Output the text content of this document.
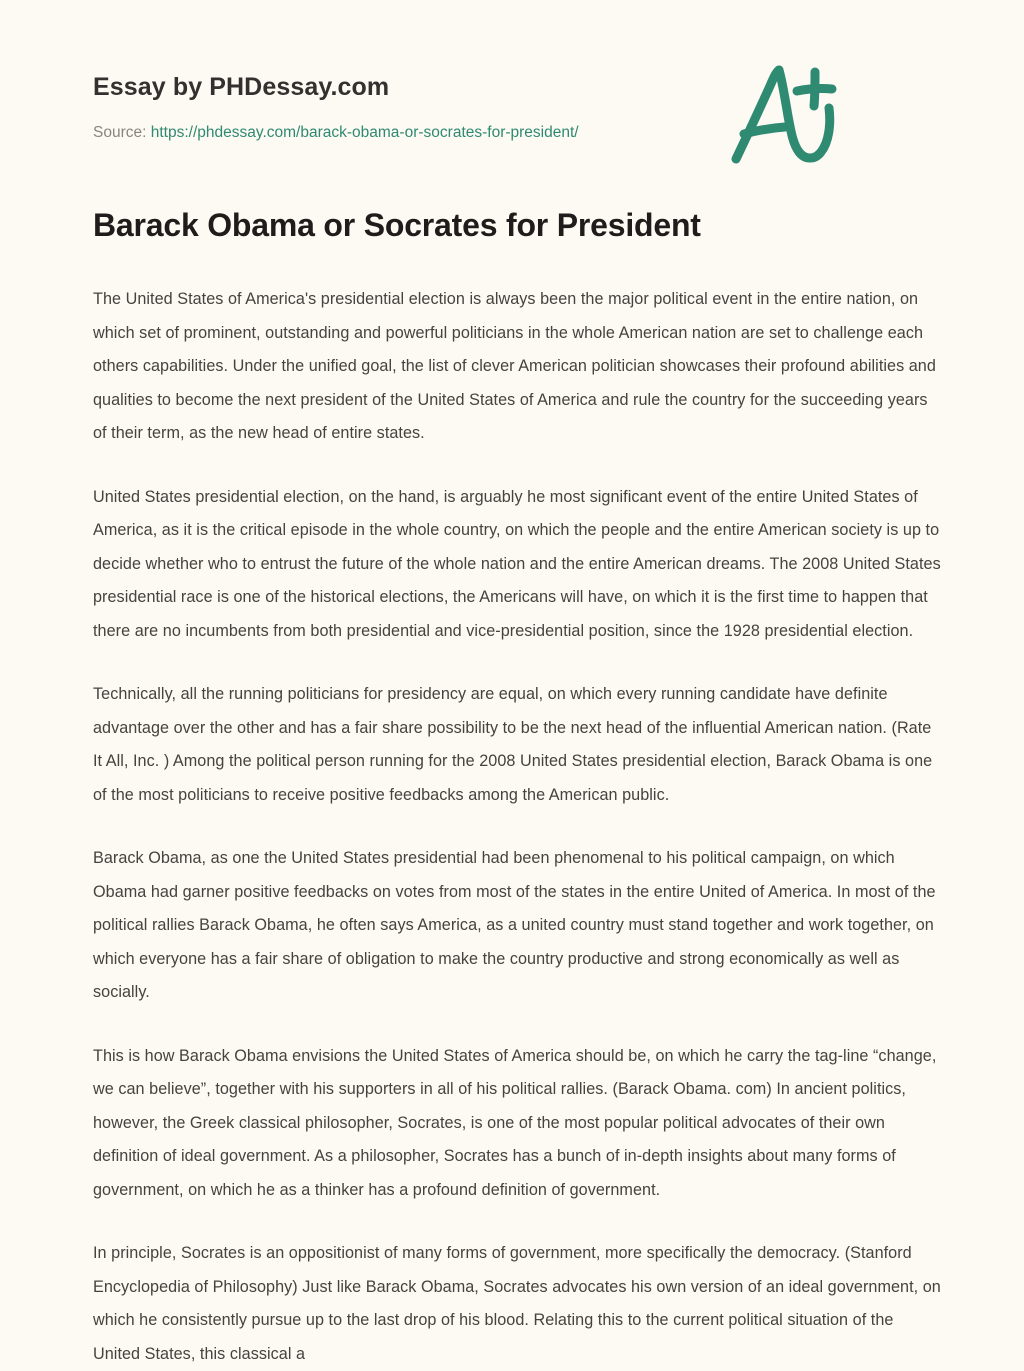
Essay by PHDessay.com
Source: https://phdessay.com/barack-obama-or-socrates-for-president/
Barack Obama or Socrates for President

The United States of America's presidential election is always been the major political event in the entire nation, on which set of prominent, outstanding and powerful politicians in the whole American nation are set to challenge each others capabilities. Under the unified goal, the list of clever American politician showcases their profound abilities and qualities to become the next president of the United States of America and rule the country for the succeeding years of their term, as the new head of entire states.

United States presidential election, on the hand, is arguably he most significant event of the entire United States of America, as it is the critical episode in the whole country, on which the people and the entire American society is up to decide whether who to entrust the future of the whole nation and the entire American dreams. The 2008 United States presidential race is one of the historical elections, the Americans will have, on which it is the first time to happen that there are no incumbents from both presidential and vice-presidential position, since the 1928 presidential election.

Technically, all the running politicians for presidency are equal, on which every running candidate have definite advantage over the other and has a fair share possibility to be the next head of the influential American nation. (Rate It All, Inc. ) Among the political person running for the 2008 United States presidential election, Barack Obama is one of the most politicians to receive positive feedbacks among the American public.

Barack Obama, as one the United States presidential had been phenomenal to his political campaign, on which Obama had garner positive feedbacks on votes from most of the states in the entire United of America. In most of the political rallies Barack Obama, he often says America, as a united country must stand together and work together, on which everyone has a fair share of obligation to make the country productive and strong economically as well as socially.

This is how Barack Obama envisions the United States of America should be, on which he carry the tag-line “change, we can believe”, together with his supporters in all of his political rallies. (Barack Obama. com) In ancient politics, however, the Greek classical philosopher, Socrates, is one of the most popular political advocates of their own definition of ideal government. As a philosopher, Socrates has a bunch of in-depth insights about many forms of government, on which he as a thinker has a profound definition of government.

In principle, Socrates is an oppositionist of many forms of government, more specifically the democracy. (Stanford Encyclopedia of Philosophy) Just like Barack Obama, Socrates advocates his own version of an ideal government, on which he consistently pursue up to the last drop of his blood. Relating this to the current political situation of the United States, this classical a
